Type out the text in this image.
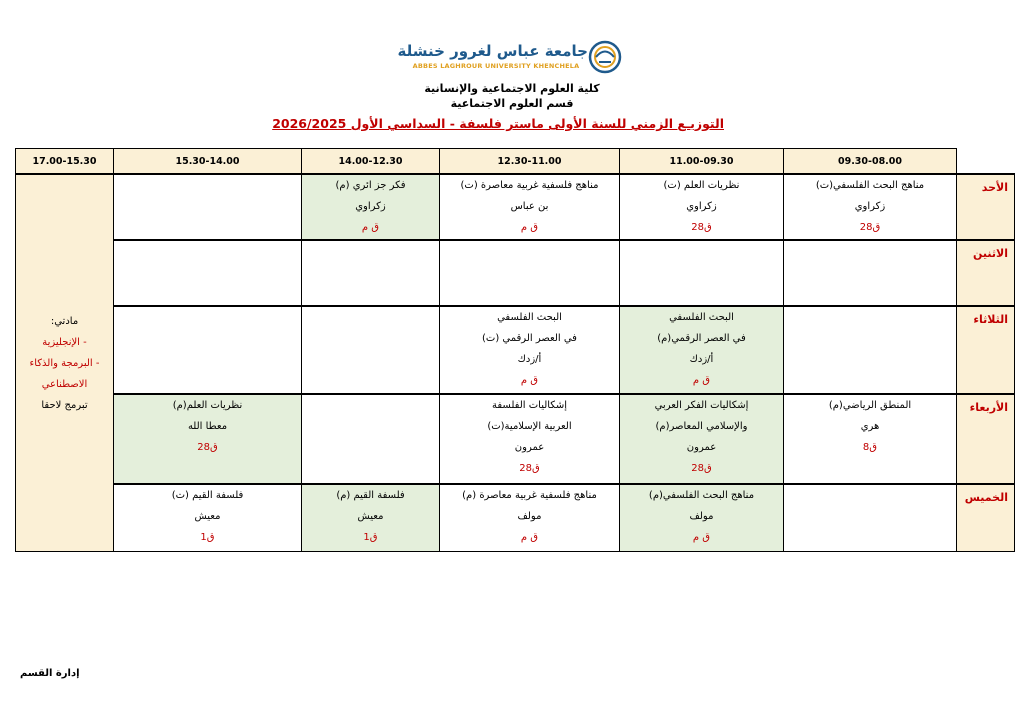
جامعة عباس لغرور خنشلة
ABBES LAGHROUR UNIVERSITY KHENCHELA
كلية العلوم الاجتماعية والإنسانية
قسم العلوم الاجتماعية
التوزيـع الزمني للسنة الأولى ماستر فلسفة - السداسي الأول 2026/2025
	09.30-08.00	11.00-09.30	12.30-11.00	14.00-12.30	15.30-14.00	17.00-15.30
الأحد	مناهج البحث الفلسفي(ت)
زكراوي
ق28	نظريات العلم (ت)
زكراوي
ق28	مناهج فلسفية غربية معاصرة (ت)
بن عباس
ق م	فكر جز ائري (م)
زكراوي
ق م		مادتي:
- الإنجليزية
- البرمجة والذكاء
الاصطناعي
تبرمج لاحقا

الاثنين						
الثلاثاء		البحث الفلسفي
في العصر الرقمي(م)
أ/زدك
ق م	البحث الفلسفي
في العصر الرقمي (ت)
أ/زدك
ق م			

الأربعاء	المنطق الرياضي(م)
هري
ق8	إشكاليات الفكر العربي
والإسلامي المعاصر(م)
عمرون
ق28	إشكاليات الفلسفة
العربية الإسلامية(ت)
عمرون
ق28		نظريات العلم(م)
معطا الله
ق28	

الخميس		مناهج البحث الفلسفي(م)
مولف
ق م	مناهج فلسفية غربية معاصرة (م)
مولف
ق م	فلسفة القيم (م)
معيش
ق1	فلسفة القيم (ت)
معيش
ق1	
إدارة القسم
